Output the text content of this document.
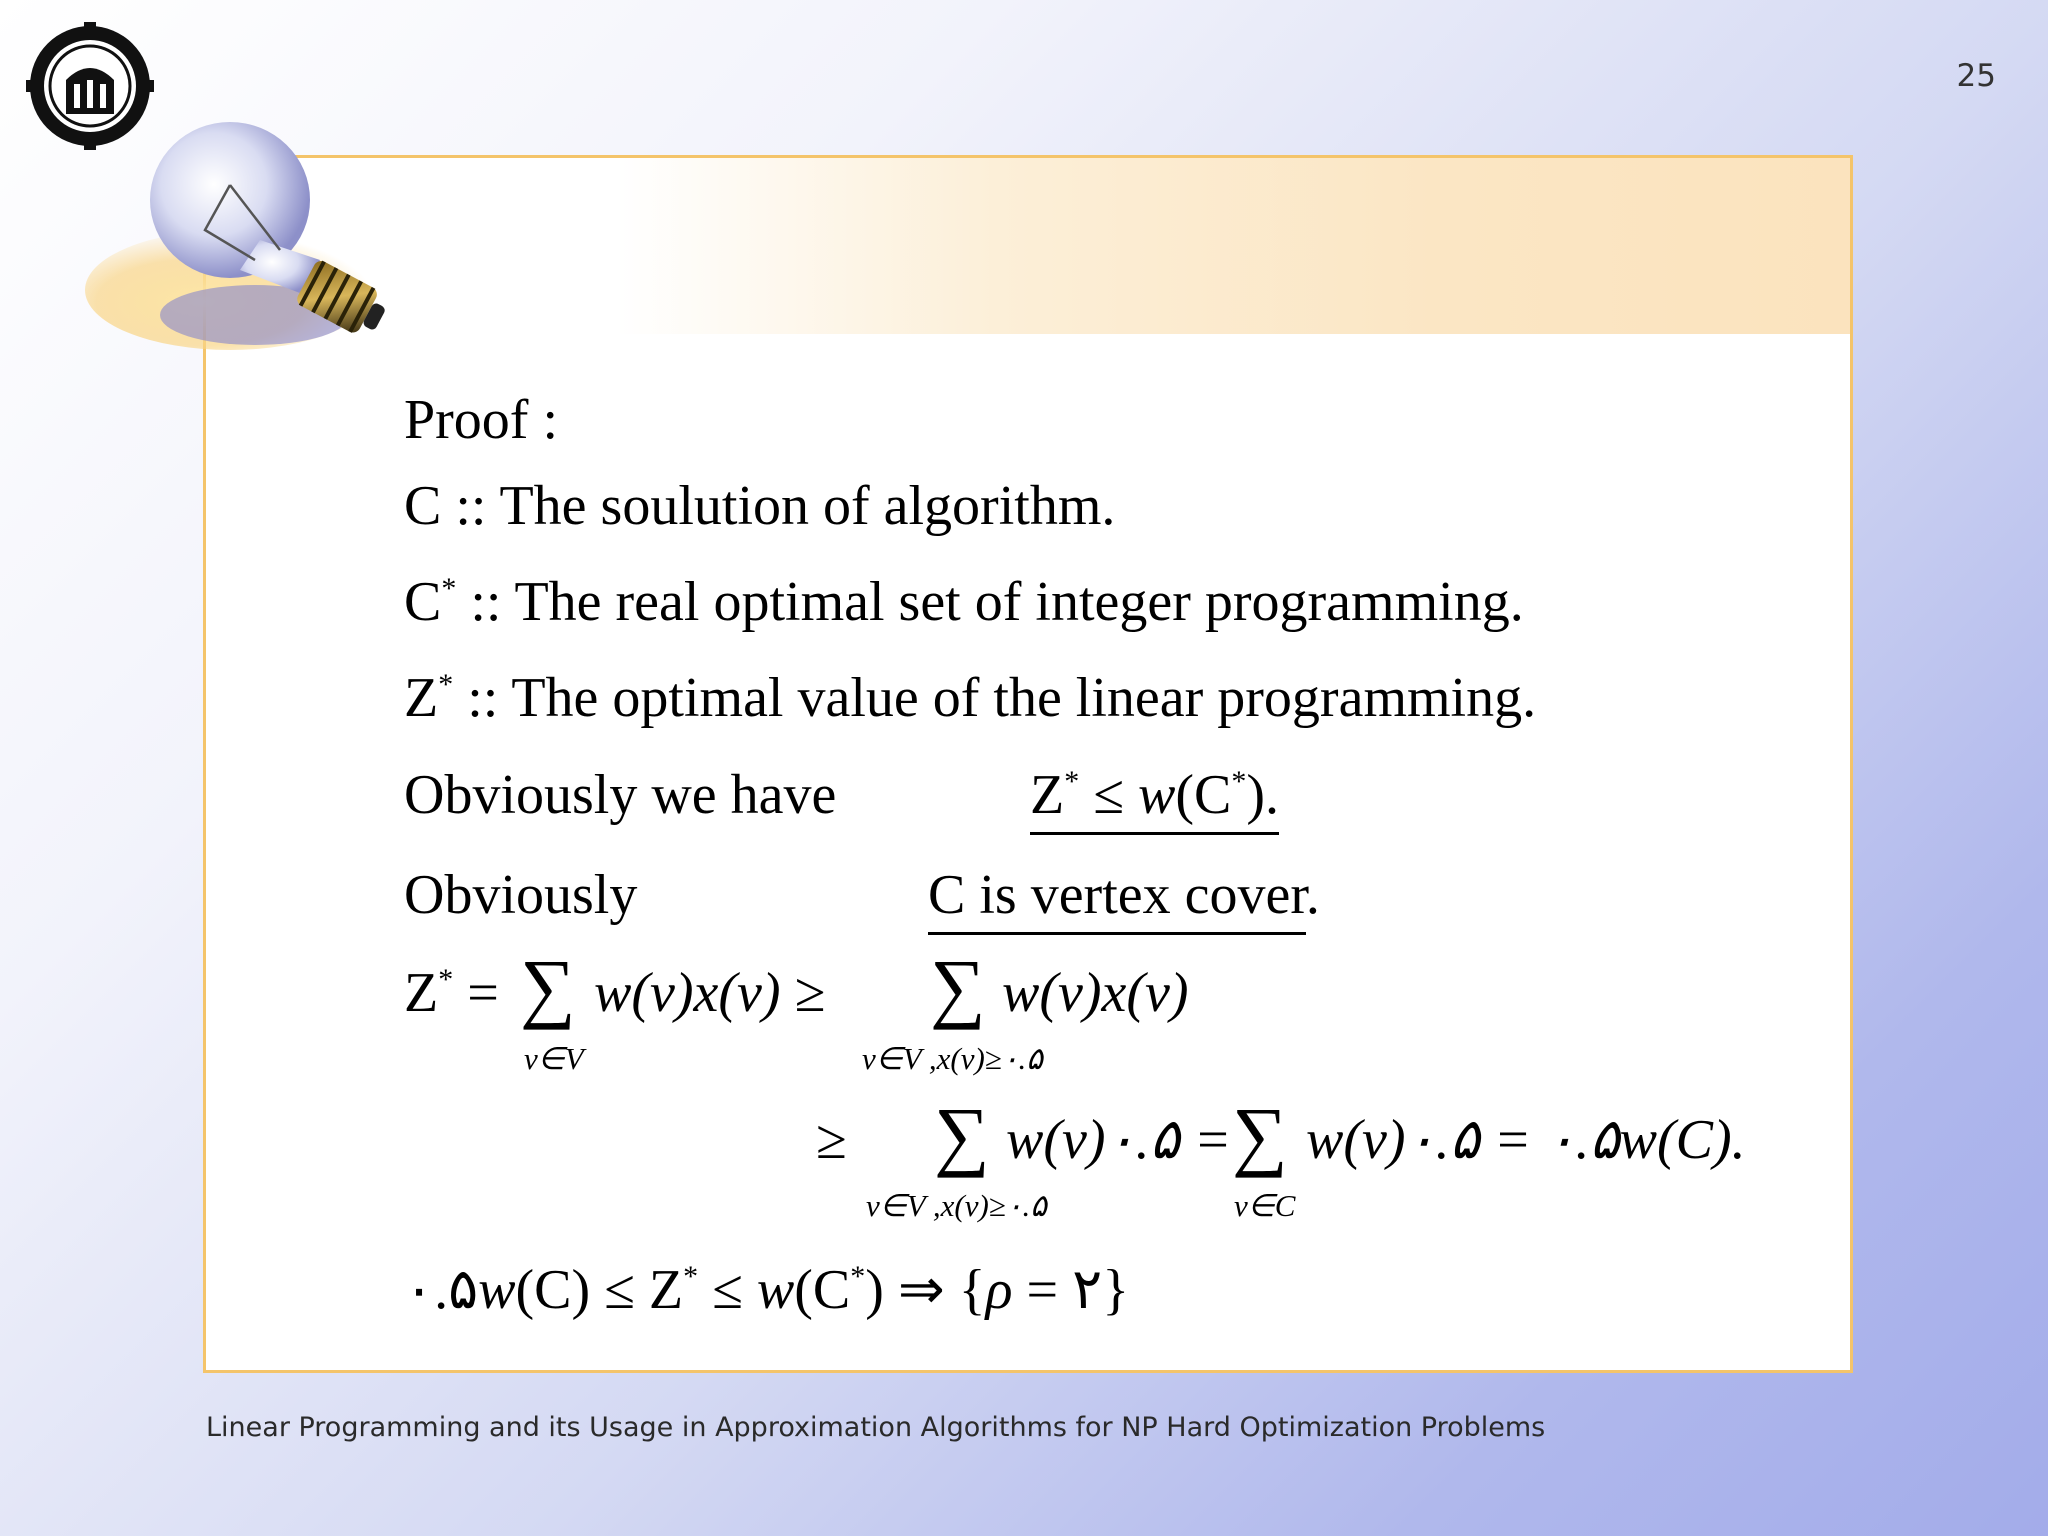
25
Proof :
C :: The soulution of algorithm.
C* :: The real optimal set of integer programming.
Z* :: The optimal value of the linear programming.
Obviously we have	Z* ≤ w(C*).
Obviously	C is vertex cover.
Z* = ∑ w(v)x(v) ≥
v∈V
∑ w(v)x(v)
v∈V ,x(v)≥۰.۵
≥ ∑ w(v)۰.۵ =
v∈V ,x(v)≥۰.۵
∑ w(v)۰.۵ = ۰.۵w(C).
v∈C
۰.۵w(C) ≤ Z* ≤ w(C*) ⇒ {ρ = ۲}
Linear Programming and its Usage in Approximation Algorithms for NP Hard Optimization Problems
